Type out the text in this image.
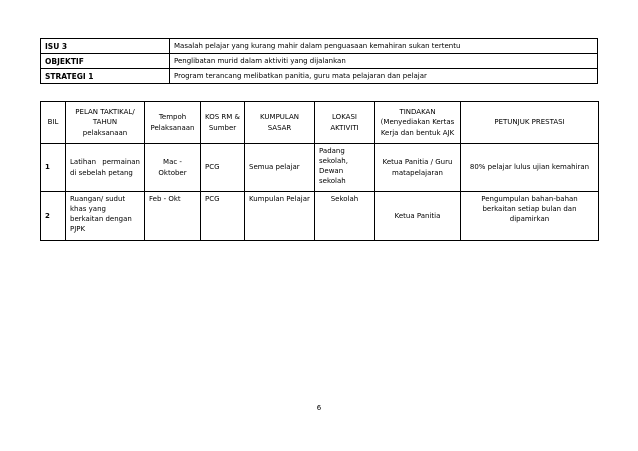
ISU 3	Masalah pelajar yang kurang mahir dalam penguasaan kemahiran sukan tertentu
OBJEKTIF	Penglibatan murid dalam aktiviti yang dijalankan
STRATEGI 1	Program terancang melibatkan panitia, guru mata pelajaran dan pelajar
BIL	PELAN TAKTIKAL/ TAHUN pelaksanaan	Tempoh Pelaksanaan	KOS RM & Sumber	KUMPULAN SASAR	LOKASI AKTIVITI	TINDAKAN (Menyediakan Kertas Kerja dan bentuk AJK	PETUNJUK PRESTASI
1	Latihan permainan di sebelah petang	Mac - Oktober	PCG	Semua pelajar	Padang sekolah, Dewan sekolah	Ketua Panitia / Guru matapelajaran	80% pelajar lulus ujian kemahiran
2	Ruangan/ sudut khas yang berkaitan dengan PJPK	Feb - Okt	PCG	Kumpulan Pelajar	Sekolah	Ketua Panitia	Pengumpulan bahan-bahan berkaitan setiap bulan dan dipamirkan
6
